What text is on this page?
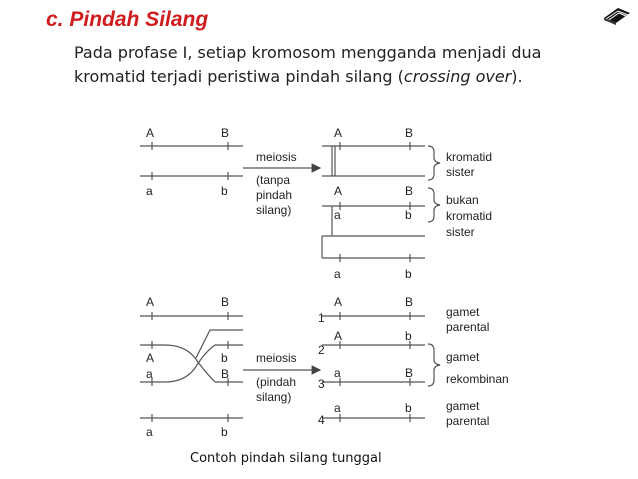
c. Pindah Silang
Pada profase I, setiap kromosom mengganda menjadi dua kromatid terjadi peristiwa pindah silang (crossing over).
A	B
a	b
meiosis
(tanpa
pindah
silang)
A	B
A	B
a	b
a	b
kromatid
sister
bukan
kromatid
sister
A	B
A	b
a	B
a	b
meiosis
(pindah
silang)
1
2
3
4
A	B
A	b
a	B
a	b
gamet
parental
gamet
rekombinan
gamet
parental
Contoh pindah silang tunggal
